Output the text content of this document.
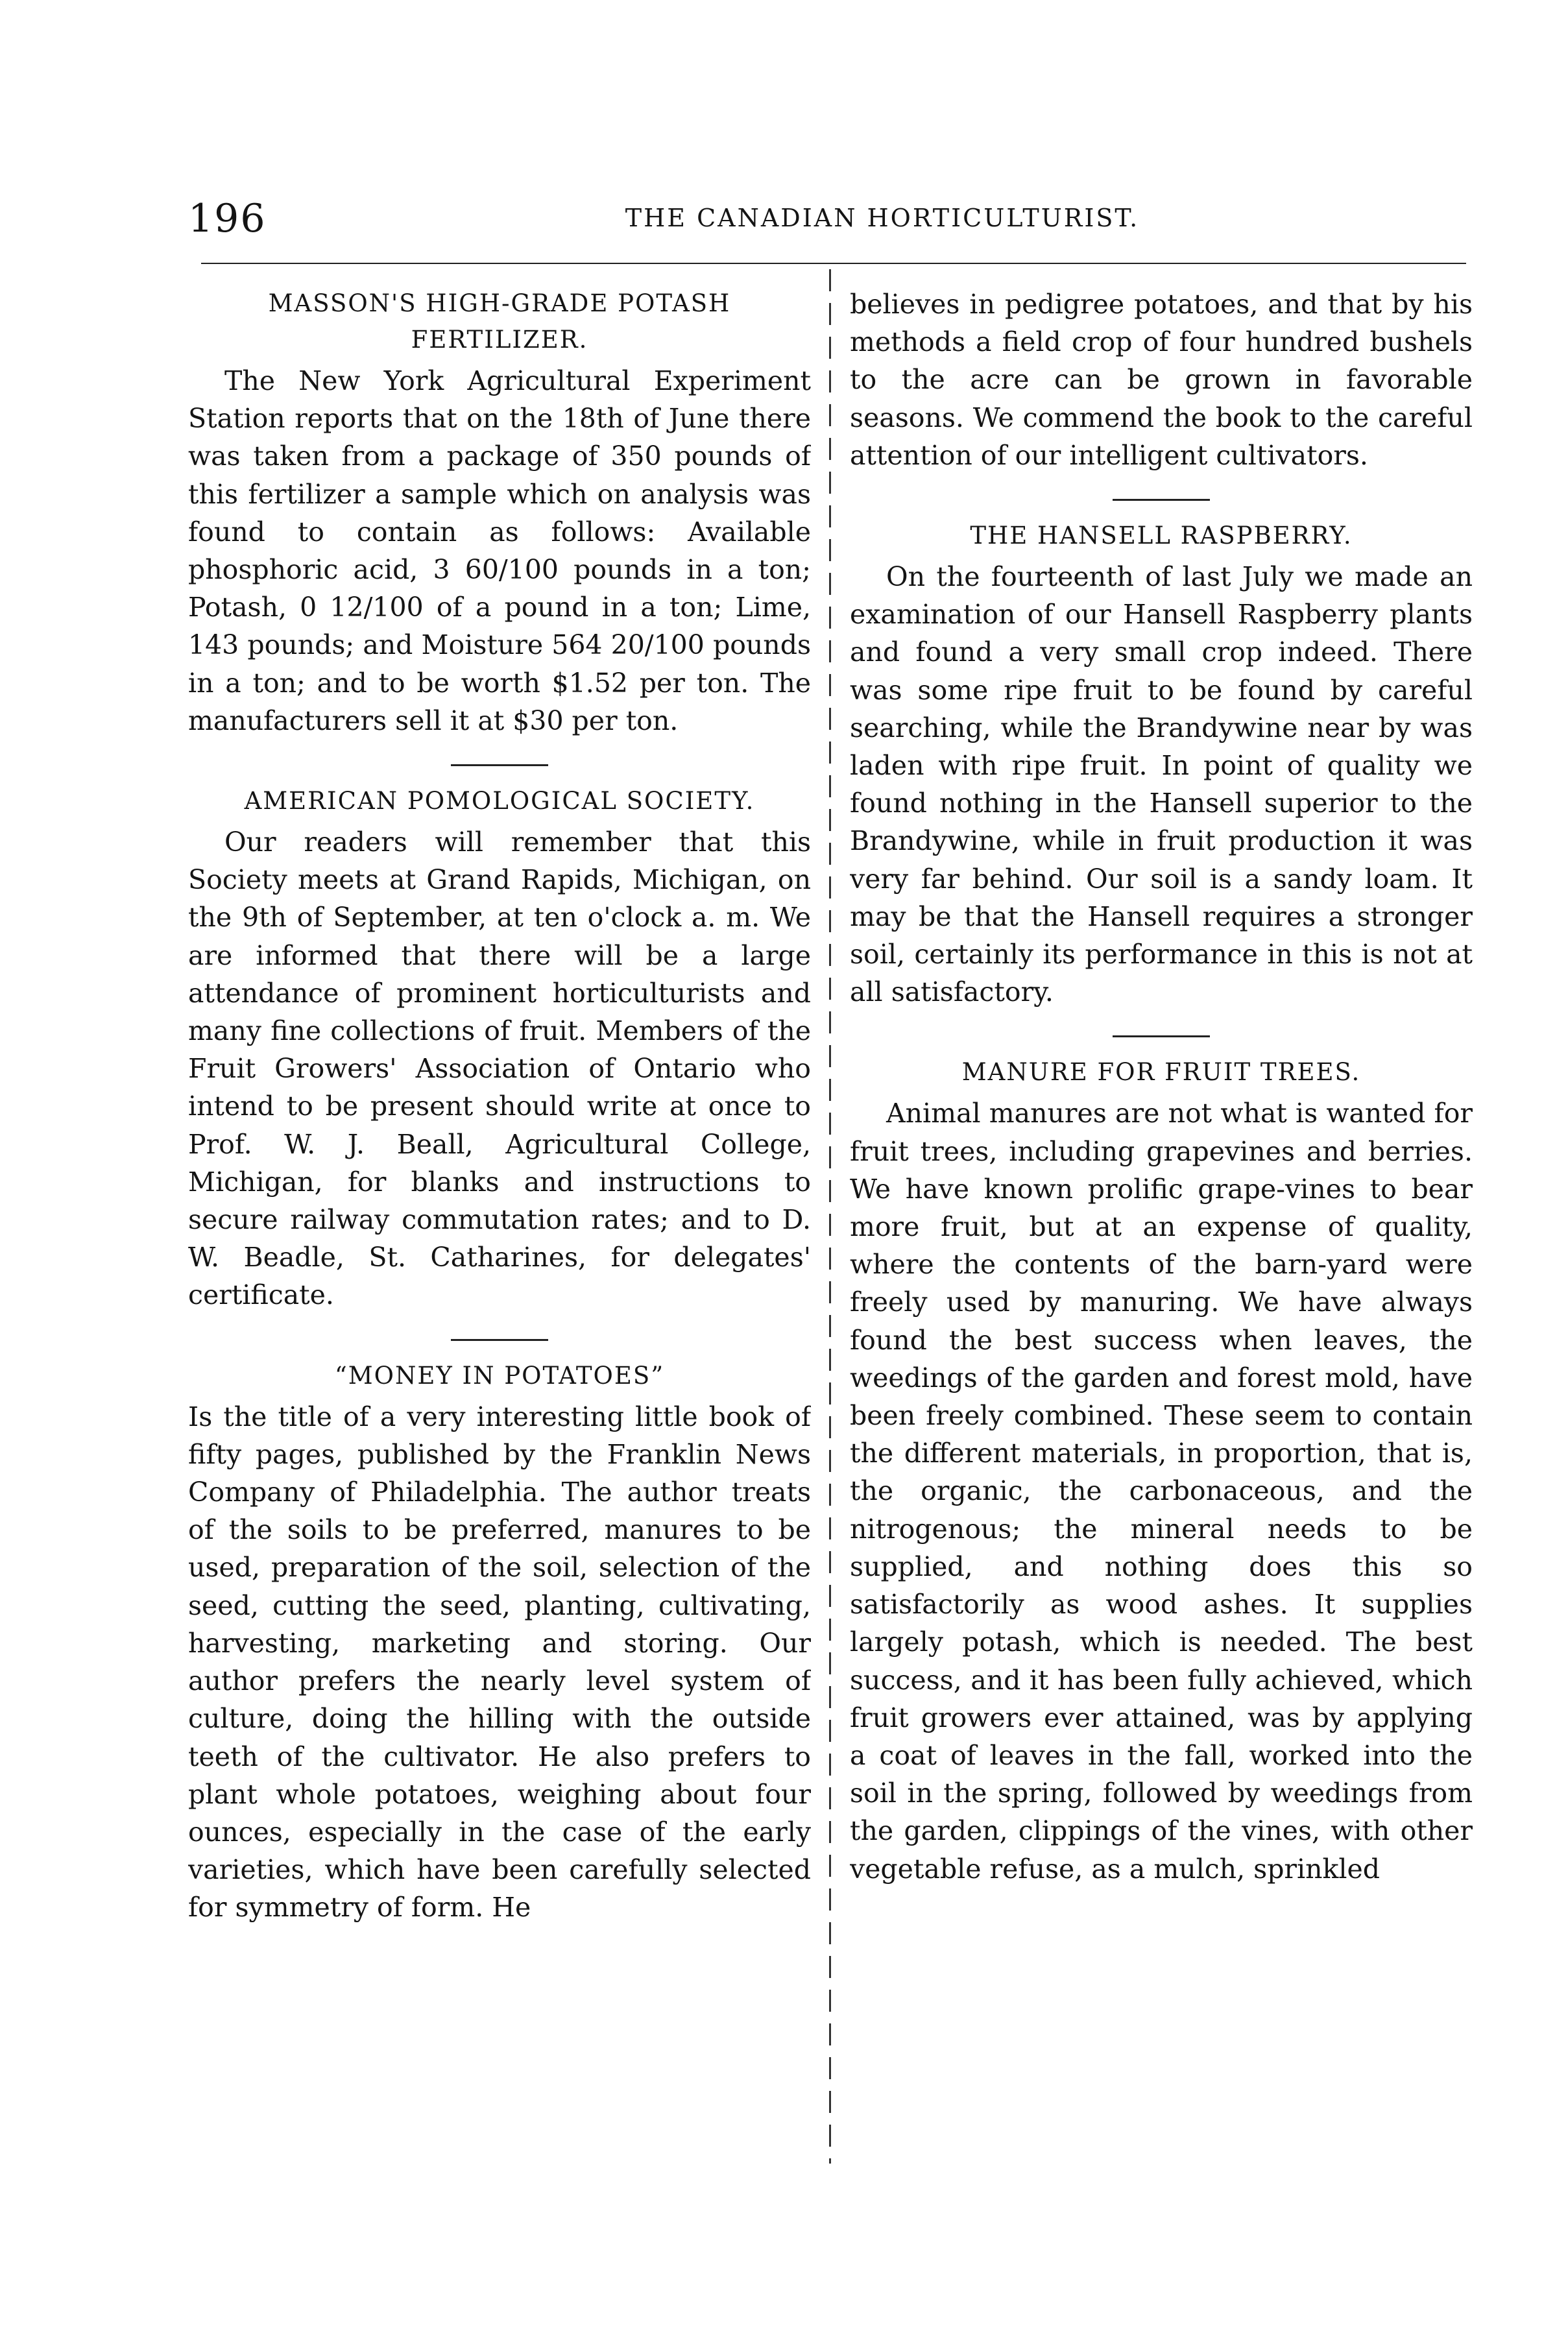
196	THE CANADIAN HORTICULTURIST.
MASSON'S HIGH-GRADE POTASH FERTILIZER.

The New York Agricultural Experiment Station reports that on the 18th of June there was taken from a package of 350 pounds of this fertilizer a sample which on analysis was found to contain as follows: Available phosphoric acid, 3 60/100 pounds in a ton; Potash, 0 12/100 of a pound in a ton; Lime, 143 pounds; and Moisture 564 20/100 pounds in a ton; and to be worth $1.52 per ton. The manufacturers sell it at $30 per ton.

AMERICAN POMOLOGICAL SOCIETY.

Our readers will remember that this Society meets at Grand Rapids, Michigan, on the 9th of September, at ten o'clock a. m. We are informed that there will be a large attendance of prominent horticulturists and many fine collections of fruit. Members of the Fruit Growers' Association of Ontario who intend to be present should write at once to Prof. W. J. Beall, Agricultural College, Michigan, for blanks and instructions to secure railway commutation rates; and to D. W. Beadle, St. Catharines, for delegates' certificate.

“MONEY IN POTATOES”

Is the title of a very interesting little book of fifty pages, published by the Franklin News Company of Philadelphia. The author treats of the soils to be preferred, manures to be used, preparation of the soil, selection of the seed, cutting the seed, planting, cultivating, harvesting, marketing and storing. Our author prefers the nearly level system of culture, doing the hilling with the outside teeth of the cultivator. He also prefers to plant whole potatoes, weighing about four ounces, especially in the case of the early varieties, which have been carefully selected for symmetry of form. He

believes in pedigree potatoes, and that by his methods a field crop of four hundred bushels to the acre can be grown in favorable seasons. We commend the book to the careful attention of our intelligent cultivators.

THE HANSELL RASPBERRY.

On the fourteenth of last July we made an examination of our Hansell Raspberry plants and found a very small crop indeed. There was some ripe fruit to be found by careful searching, while the Brandywine near by was laden with ripe fruit. In point of quality we found nothing in the Hansell superior to the Brandywine, while in fruit production it was very far behind. Our soil is a sandy loam. It may be that the Hansell requires a stronger soil, certainly its performance in this is not at all satisfactory.

MANURE FOR FRUIT TREES.

Animal manures are not what is wanted for fruit trees, including grapevines and berries. We have known prolific grape-vines to bear more fruit, but at an expense of quality, where the contents of the barn-yard were freely used by manuring. We have always found the best success when leaves, the weedings of the garden and forest mold, have been freely combined. These seem to contain the different materials, in proportion, that is, the organic, the carbonaceous, and the nitrogenous; the mineral needs to be supplied, and nothing does this so satisfactorily as wood ashes. It supplies largely potash, which is needed. The best success, and it has been fully achieved, which fruit growers ever attained, was by applying a coat of leaves in the fall, worked into the soil in the spring, followed by weedings from the garden, clippings of the vines, with other vegetable refuse, as a mulch, sprinkled
